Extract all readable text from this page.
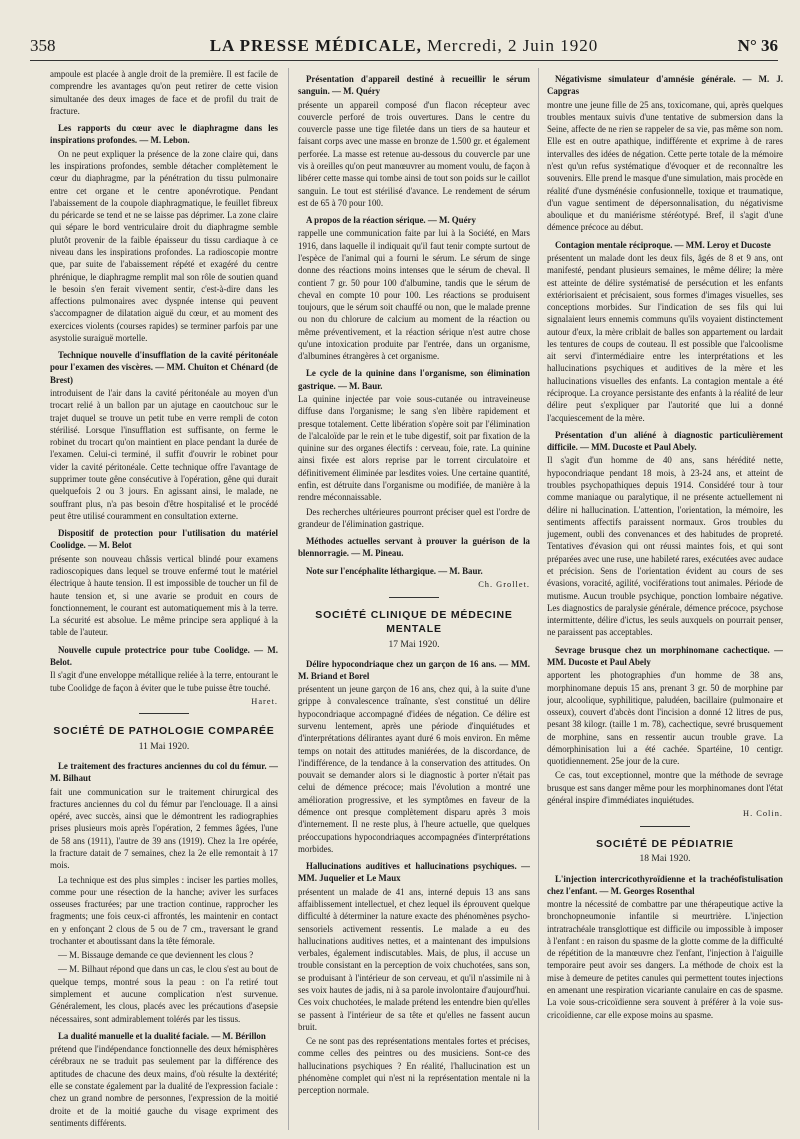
358	LA PRESSE MÉDICALE, Mercredi, 2 Juin 1920	N° 36

ampoule est placée à angle droit de la première. Il est facile de comprendre les avantages qu'on peut retirer de cette vision simultanée des deux images de face et de profil du trait de fracture.

Les rapports du cœur avec le diaphragme dans les inspirations profondes. — M. Lebon.

On ne peut expliquer la présence de la zone claire qui, dans les inspirations profondes, semble détacher complètement le cœur du diaphragme, par la pénétration du tissu pulmonaire entre cet organe et le centre aponévrotique. Pendant l'abaissement de la coupole diaphragmatique, le feuillet fibreux du péricarde se tend et ne se laisse pas déprimer. La zone claire qui sépare le bord ventriculaire droit du diaphragme semble plutôt provenir de la faible épaisseur du tissu cardiaque à ce niveau dans les inspirations profondes. La radioscopie montre que, par suite de l'abaissement répété et exagéré du centre phrénique, le diaphragme remplit mal son rôle de soutien quand le besoin s'en ferait vivement sentir, c'est-à-dire dans les affections pulmonaires avec dyspnée intense qui peuvent s'accompagner de dilatation aiguë du cœur, et au moment des exercices violents (courses rapides) se terminer parfois par une asystolie suraiguë mortelle.

Technique nouvelle d'insufflation de la cavité péritonéale pour l'examen des viscères. — MM. Chuiton et Chénard (de Brest)

introduisent de l'air dans la cavité péritonéale au moyen d'un trocart relié à un ballon par un ajutage en caoutchouc sur le trajet duquel se trouve un petit tube en verre rempli de coton stérilisé. Lorsque l'insufflation est suffisante, on ferme le robinet du trocart qu'on maintient en place pendant la durée de l'examen. Celui-ci terminé, il suffit d'ouvrir le robinet pour vider la cavité péritonéale. Cette technique offre l'avantage de supprimer toute gêne consécutive à l'opération, gêne qui durait quelquefois 2 ou 3 jours. En agissant ainsi, le malade, ne souffrant plus, n'a pas besoin d'être hospitalisé et le procédé peut être utilisé couramment en consultation externe.

Dispositif de protection pour l'utilisation du matériel Coolidge. — M. Belot

présente son nouveau châssis vertical blindé pour examens radioscopiques dans lequel se trouve enfermé tout le matériel électrique à haute tension. Il est impossible de toucher un fil de haute tension et, si une avarie se produit en cours de fonctionnement, le courant est automatiquement mis à la terre. La sécurité est absolue. Le même principe sera appliqué à la table de l'auteur.

Nouvelle cupule protectrice pour tube Coolidge. — M. Belot.

Il s'agit d'une enveloppe métallique reliée à la terre, entourant le tube Coolidge de façon à éviter que le tube puisse être touché.

Haret.
SOCIÉTÉ DE PATHOLOGIE COMPARÉE
11 Mai 1920.
Le traitement des fractures anciennes du col du fémur. — M. Bilhaut

fait une communication sur le traitement chirurgical des fractures anciennes du col du fémur par l'enclouage. Il a ainsi opéré, avec succès, ainsi que le démontrent les radiographies prises plusieurs mois après l'opération, 2 femmes âgées, l'une de 58 ans (1911), l'autre de 39 ans (1919). Chez la 1re opérée, la fracture datait de 7 semaines, chez la 2e elle remontait à 17 mois.

La technique est des plus simples : inciser les parties molles, comme pour une résection de la hanche; aviver les surfaces osseuses fracturées; par une traction continue, rapprocher les fragments; une fois ceux-ci affrontés, les maintenir en contact en y enfonçant 2 clous de 5 ou de 7 cm., traversant le grand trochanter et aboutissant dans la tête fémorale.

— M. Bissauge demande ce que deviennent les clous ?

— M. Bilhaut répond que dans un cas, le clou s'est au bout de quelque temps, montré sous la peau : on l'a retiré tout simplement et aucune complication n'est survenue. Généralement, les clous, placés avec les précautions d'asepsie nécessaires, sont admirablement tolérés par les tissus.

La dualité manuelle et la dualité faciale. — M. Bérillon

prétend que l'indépendance fonctionnelle des deux hémisphères cérébraux ne se traduit pas seulement par la différence des aptitudes de chacune des deux mains, d'où résulte la dextérité; elle se constate également par la dualité de l'expression faciale : chez un grand nombre de personnes, l'expression de la moitié droite et de la moitié gauche du visage expriment des sentiments différents.

Présentation d'appareil destiné à recueillir le sérum sanguin. — M. Quéry

présente un appareil composé d'un flacon récepteur avec couvercle perforé de trois ouvertures. Dans le centre du couvercle passe une tige filetée dans un tiers de sa hauteur et faisant corps avec une masse en bronze de 1.500 gr. et également perforée. La masse est retenue au-dessous du couvercle par une vis à oreilles qu'on peut manœuvrer au moment voulu, de façon à libérer cette masse qui tombe ainsi de tout son poids sur le caillot sanguin. Le tout est stérilisé d'avance. Le rendement de sérum est de 65 à 70 pour 100.

A propos de la réaction sérique. — M. Quéry

rappelle une communication faite par lui à la Société, en Mars 1916, dans laquelle il indiquait qu'il faut tenir compte surtout de l'espèce de l'animal qui a fourni le sérum. Le sérum de singe donne des réactions moins intenses que le sérum de cheval. Il contient 7 gr. 50 pour 100 d'albumine, tandis que le sérum de cheval en compte 10 pour 100. Les réactions se produisent toujours, que le sérum soit chauffé ou non, que le malade prenne ou non du chlorure de calcium au moment de la réaction ou même préventivement, et la réaction sérique n'est autre chose qu'une intoxication produite par l'entrée, dans un organisme, d'albumines étrangères à cet organisme.

Le cycle de la quinine dans l'organisme, son élimination gastrique. — M. Baur.

La quinine injectée par voie sous-cutanée ou intraveineuse diffuse dans l'organisme; le sang s'en libère rapidement et presque totalement. Cette libération s'opère soit par l'élimination de l'alcaloïde par le rein et le tube digestif, soit par fixation de la quinine sur des organes électifs : cerveau, foie, rate. La quinine ainsi fixée est alors reprise par le torrent circulatoire et définitivement éliminée par lesdites voies. Une certaine quantité, enfin, est détruite dans l'organisme ou modifiée, de manière à la rendre méconnaissable.

Des recherches ultérieures pourront préciser quel est l'ordre de grandeur de l'élimination gastrique.

Méthodes actuelles servant à prouver la guérison de la blennorragie. — M. Pineau.
Note sur l'encéphalite léthargique. — M. Baur.
Ch. Grollet.
SOCIÉTÉ CLINIQUE DE MÉDECINE MENTALE
17 Mai 1920.
Délire hypocondriaque chez un garçon de 16 ans. — MM. M. Briand et Borel

présentent un jeune garçon de 16 ans, chez qui, à la suite d'une grippe à convalescence traînante, s'est constitué un délire hypocondriaque accompagné d'idées de négation. Ce délire est survenu lentement, après une période d'inquiétudes et d'interprétations délirantes ayant duré 6 mois environ. En même temps on notait des attitudes maniérées, de la discordance, de l'indifférence, de la tendance à la conservation des attitudes. On pouvait se demander alors si le diagnostic à porter n'était pas celui de démence précoce; mais l'évolution a montré une amélioration progressive, et les symptômes en faveur de la démence ont presque complètement disparu après 3 mois d'internement. Il ne reste plus, à l'heure actuelle, que quelques préoccupations hypocondriaques accompagnées d'interprétations morbides.

Hallucinations auditives et hallucinations psychiques. — MM. Juquelier et Le Maux

présentent un malade de 41 ans, interné depuis 13 ans sans affaiblissement intellectuel, et chez lequel ils éprouvent quelque difficulté à déterminer la nature exacte des phénomènes psycho-sensoriels activement ressentis. Le malade a eu des hallucinations auditives nettes, et a maintenant des impulsions verbales, également indiscutables. Mais, de plus, il accuse un trouble consistant en la perception de voix chuchotées, sans son, se produisant à l'intérieur de son cerveau, et qu'il n'assimile ni à ses voix hautes de jadis, ni à sa parole involontaire d'aujourd'hui. Ces voix chuchotées, le malade prétend les entendre bien qu'elles se passent à l'intérieur de sa tête et qu'elles ne fassent aucun bruit.

Ce ne sont pas des représentations mentales fortes et précises, comme celles des peintres ou des musiciens. Sont-ce des hallucinations psychiques ? En réalité, l'hallucination est un phénomène complet qui n'est ni la représentation mentale ni la perception normale.

Négativisme simulateur d'amnésie générale. — M. J. Capgras

montre une jeune fille de 25 ans, toxicomane, qui, après quelques troubles mentaux suivis d'une tentative de submersion dans la Seine, affecte de ne rien se rappeler de sa vie, pas même son nom. Elle est en outre apathique, indifférente et exprime à de rares intervalles des idées de négation. Cette perte totale de la mémoire n'est qu'un refus systématique d'évoquer et de reconnaître les souvenirs. Elle prend le masque d'une simulation, mais procède en réalité d'une dysménésie confusionnelle, toxique et traumatique, d'un vague sentiment de dépersonnalisation, du négativisme aboulique et du maniérisme stéréotypé. Bref, il s'agit d'une démence précoce au début.

Contagion mentale réciproque. — MM. Leroy et Ducoste

présentent un malade dont les deux fils, âgés de 8 et 9 ans, ont manifesté, pendant plusieurs semaines, le même délire; la mère est atteinte de délire systématisé de persécution et les enfants extériorisaient et précisaient, sous formes d'images visuelles, ses conceptions morbides. Sur l'indication de ses fils qui lui signalaient leurs ennemis communs qu'ils voyaient distinctement autour d'eux, la mère criblait de balles son appartement ou lardait les tentures de coups de couteau. Il est possible que l'alcoolisme ait servi d'intermédiaire entre les interprétations et les hallucinations psychiques et auditives de la mère et les hallucinations visuelles des enfants. La contagion mentale a été réciproque. La croyance persistante des enfants à la réalité de leur délire peut s'expliquer par l'autorité que lui a donné l'acquiescement de la mère.

Présentation d'un aliéné à diagnostic particulièrement difficile. — MM. Ducoste et Paul Abely.

Il s'agit d'un homme de 40 ans, sans hérédité nette, hypocondriaque pendant 18 mois, à 23-24 ans, et atteint de troubles psychopathiques depuis 1914. Considéré tour à tour comme maniaque ou paralytique, il ne présente actuellement ni délire ni hallucination. L'attention, l'orientation, la mémoire, les sentiments affectifs paraissent normaux. Gros troubles du jugement, oubli des convenances et des habitudes de propreté. Tentatives d'évasion qui ont réussi maintes fois, et qui sont préparées avec une ruse, une habileté rares, exécutées avec audace et précision. Sens de l'orientation évident au cours de ses évasions, voracité, agilité, vociférations tout animales. Période de mutisme. Aucun trouble psychique, ponction lombaire négative. Les diagnostics de paralysie générale, démence précoce, psychose intermittente, délire d'ictus, les seuls auxquels on pourrait penser, ne paraissent pas acceptables.

Sevrage brusque chez un morphinomane cachectique. — MM. Ducoste et Paul Abely

apportent les photographies d'un homme de 38 ans, morphinomane depuis 15 ans, prenant 3 gr. 50 de morphine par jour, alcoolique, syphilitique, paludéen, bacillaire (pulmonaire et osseux), couvert d'abcès dont l'incision a donné 12 litres de pus, pesant 38 kilogr. (taille 1 m. 78), cachectique, sevré brusquement de morphine, sans en ressentir aucun trouble grave. La démorphinisation lui a été cachée. Spartéine, 10 centigr. quotidiennement. 25e jour de la cure.

Ce cas, tout exceptionnel, montre que la méthode de sevrage brusque est sans danger même pour les morphinomanes dont l'état général inspire d'immédiates inquiétudes.

H. Colin.
SOCIÉTÉ DE PÉDIATRIE
18 Mai 1920.
L'injection intercricothyroïdienne et la trachéofistulisation chez l'enfant. — M. Georges Rosenthal

montre la nécessité de combattre par une thérapeutique active la bronchopneumonie infantile si meurtrière. L'injection intratrachéale transglottique est difficile ou impossible à imposer à l'enfant : en raison du spasme de la glotte comme de la difficulté de répétition de la manœuvre chez l'enfant, l'injection à l'aiguille temporaire peut avoir ses dangers. La méthode de choix est la mise à demeure de petites canules qui permettent toutes injections en amenant une respiration vicariante canulaire en cas de spasme. La voie sous-cricoïdienne sera souvent à préférer à la voie sus-cricoïdienne, car elle expose moins au spasme.
